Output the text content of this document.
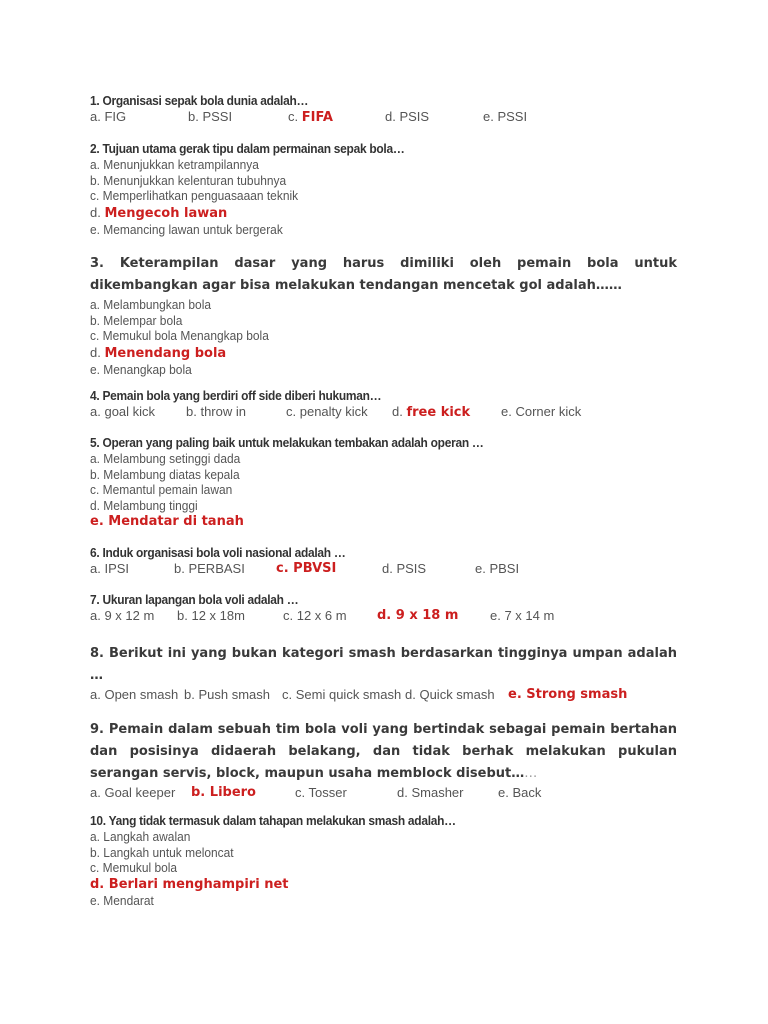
1. Organisasi sepak bola dunia adalah…
a. FIG	b. PSSI	c. FIFA	d. PSIS	e. PSSI
2. Tujuan utama gerak tipu dalam permainan sepak bola…
a. Menunjukkan ketrampilannya
b. Menunjukkan kelenturan tubuhnya
c. Memperlihatkan penguasaaan teknik
d. Mengecoh lawan
e. Memancing lawan untuk bergerak
3. Keterampilan dasar yang harus dimiliki oleh pemain bola untuk dikembangkan agar bisa melakukan tendangan mencetak gol adalah……
a. Melambungkan bola
b. Melempar bola
c. Memukul bola Menangkap bola
d. Menendang bola
e. Menangkap bola
4. Pemain bola yang berdiri off side diberi hukuman…
a. goal kick b. throw in	c. penalty kick d. free kick e. Corner kick
5. Operan yang paling baik untuk melakukan tembakan adalah operan …
a. Melambung setinggi dada
b. Melambung diatas kepala
c. Memantul pemain lawan
d. Melambung tinggi
e. Mendatar di tanah
6. Induk organisasi bola voli nasional adalah …
a. IPSI	b. PERBASI c. PBVSI	d. PSIS	e. PBSI
7. Ukuran lapangan bola voli adalah …
a. 9 x 12 m b. 12 x 18m	c. 12 x 6 m d. 9 x 18 m e. 7 x 14 m
8. Berikut ini yang bukan kategori smash berdasarkan tingginya umpan adalah …
a. Open smash b. Push smash c. Semi quick smash d. Quick smash e. Strong smash
9. Pemain dalam sebuah tim bola voli yang bertindak sebagai pemain bertahan dan posisinya didaerah belakang, dan tidak berhak melakukan pukulan serangan servis, block, maupun usaha memblock disebut……
a. Goal keeper b. Libero	c. Tosser	d. Smasher	e. Back
10. Yang tidak termasuk dalam tahapan melakukan smash adalah…
a. Langkah awalan
b. Langkah untuk meloncat
c. Memukul bola
d. Berlari menghampiri net
e. Mendarat
